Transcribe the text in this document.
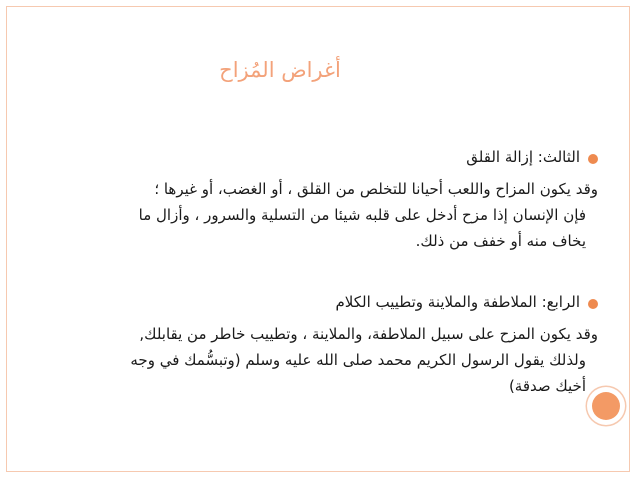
أغراض المُزاح
الثالث: إزالة القلق
وقد يكون المزاح واللعب أحيانا للتخلص من القلق ، أو الغضب، أو غيرها ؛
فإن الإنسان إذا مزح أدخل على قلبه شيئا من التسلية والسرور ، وأزال ما
يخاف منه أو خفف من ذلك.
الرابع: الملاطفة والملاينة وتطييب الكلام
وقد يكون المزح على سبيل الملاطفة، والملاينة ، وتطييب خاطر من يقابلك,
ولذلك يقول الرسول الكريم محمد صلى الله عليه وسلم (وتبسُّمك في وجه
أخيك صدقة)
